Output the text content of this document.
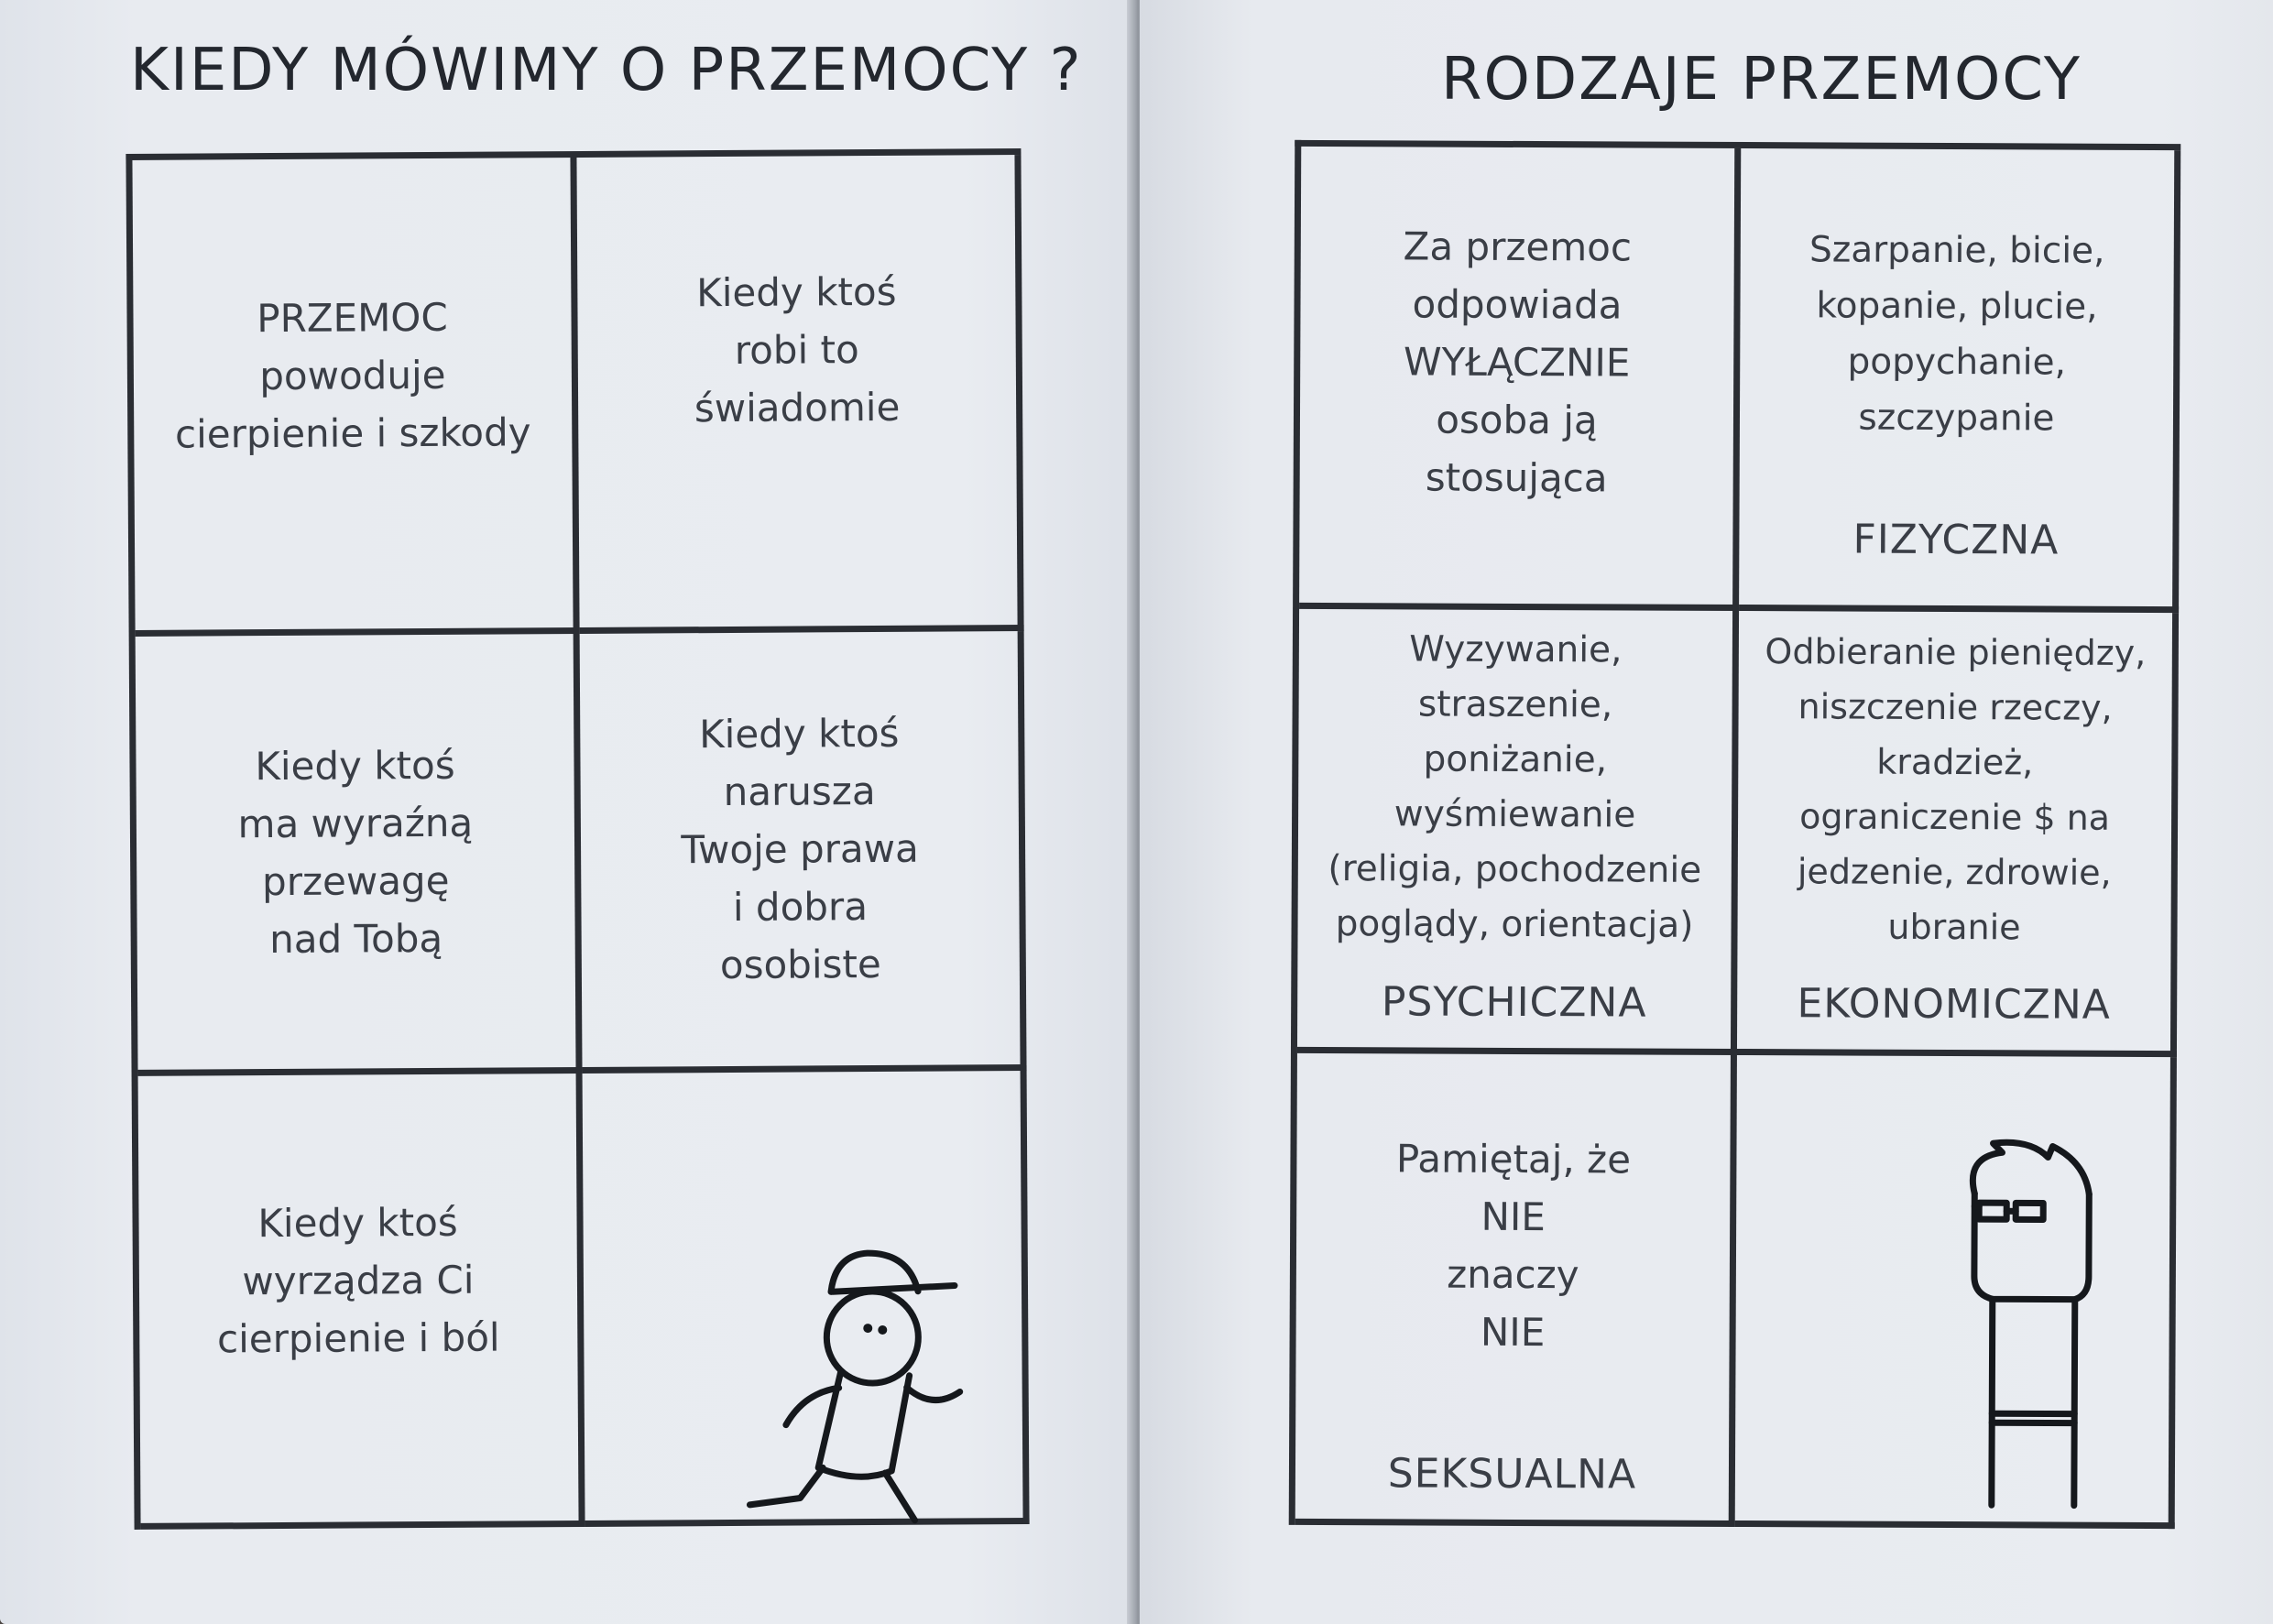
KIEDY MÓWIMY O PRZEMOCY ?
PRZEMOC
powoduje
cierpienie i szkody
Kiedy ktoś
robi to
świadomie
Kiedy ktoś
ma wyraźną
przewagę
nad Tobą
Kiedy ktoś
narusza
Twoje prawa
i dobra
osobiste
Kiedy ktoś
wyrządza Ci
cierpienie i ból
RODZAJE PRZEMOCY
Za przemoc
odpowiada
WYŁĄCZNIE
osoba ją
stosująca
Szarpanie, bicie,
kopanie, plucie,
popychanie,
szczypanie
FIZYCZNA
Wyzywanie,
straszenie,
poniżanie,
wyśmiewanie
(religia, pochodzenie
poglądy, orientacja)
PSYCHICZNA
Odbieranie pieniędzy,
niszczenie rzeczy,
kradzież,
ograniczenie $ na
jedzenie, zdrowie,
ubranie
EKONOMICZNA
Pamiętaj, że
NIE
znaczy
NIE
SEKSUALNA
